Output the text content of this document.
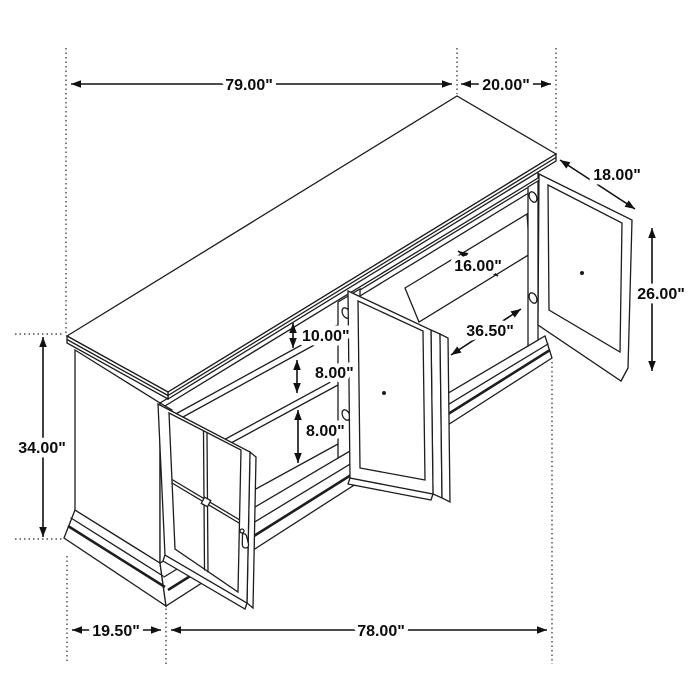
79.00"	20.00"
18.00"
26.00"
16.00"
36.50"
10.00"
8.00"
8.00"
34.00"
19.50"	78.00"
